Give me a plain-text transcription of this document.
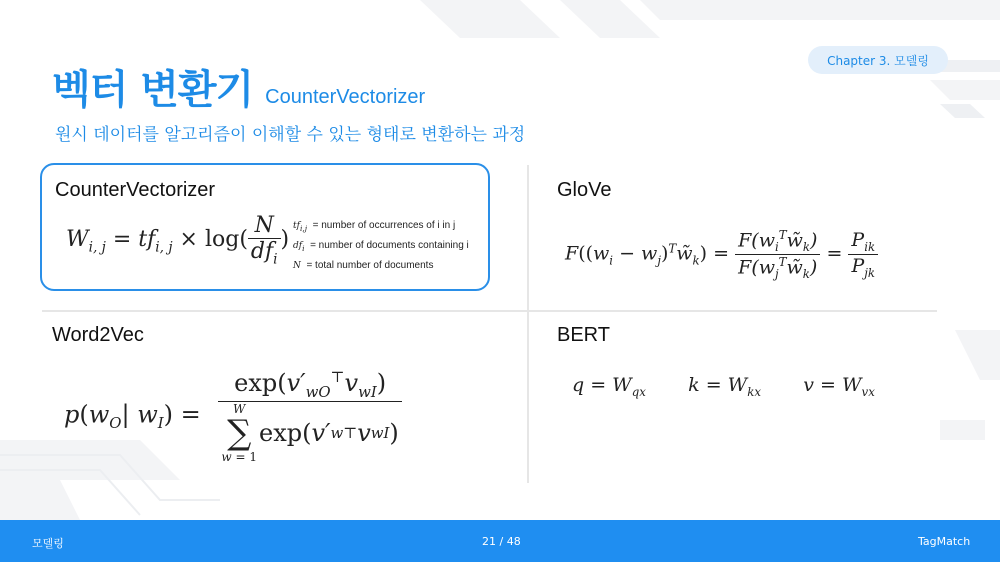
벡터 변환기 CounterVectorizer
원시 데이터를 알고리즘이 이해할 수 있는 형태로 변환하는 과정
Chapter 3. 모델링
CounterVectorizer
$W_{i, j} = tf_{i, j} \times \log( \frac{N}{df_i}$ )
$tf_{i,j}$ = number of occurrences of i in j
$df_i$ = number of documents containing i
N = total number of documents
GloVe
$F((w_i$ − $w_j)^Tw̃_k) = \frac{F(w_i^Tw̃_k)}{F(w_j^Tw̃_k)} = \frac{P_{ik}}{P_{jk}}$
Word2Vec
$p(w_O|$ $w_I) = \exp(v'_{wO}^⊤v_{wI})$
W
∑
w = 1
exp( v′ w ⊤ v wI )
BERT
$q = W_{qx}$       $k = W_{kx}$       $v = W_{vx}$
모델링	21 / 48	TagMatch
